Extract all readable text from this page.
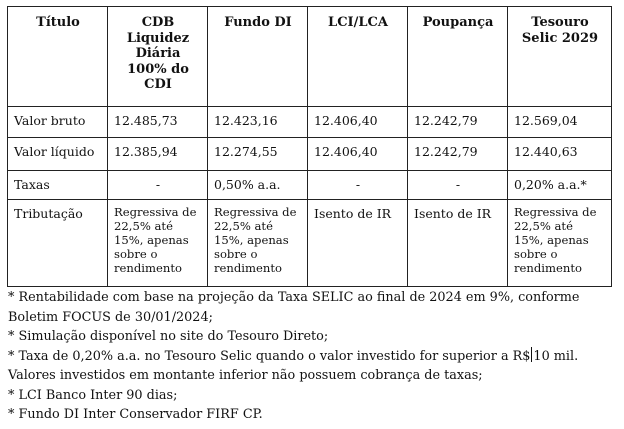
Título	CDB Liquidez Diária 100% do CDI	Fundo DI	LCI/LCA	Poupança	Tesouro Selic 2029

Valor bruto	12.485,73	12.423,16	12.406,40	12.242,79	12.569,04

Valor líquido	12.385,94	12.274,55	12.406,40	12.242,79	12.440,63

Taxas	-	0,50% a.a.	-	-	0,20% a.a.*

Tributação	Regressiva de 22,5% até 15%, apenas sobre o rendimento	Regressiva de 22,5% até 15%, apenas sobre o rendimento	Isento de IR	Isento de IR	Regressiva de 22,5% até 15%, apenas sobre o rendimento

* Rentabilidade com base na projeção da Taxa SELIC ao final de 2024 em 9%, conforme Boletim FOCUS de 30/01/2024;

* Simulação disponível no site do Tesouro Direto;

* Taxa de 0,20% a.a. no Tesouro Selic quando o valor investido for superior a R$ 10 mil. Valores investidos em montante inferior não possuem cobrança de taxas;

* LCI Banco Inter 90 dias;

* Fundo DI Inter Conservador FIRF CP.
